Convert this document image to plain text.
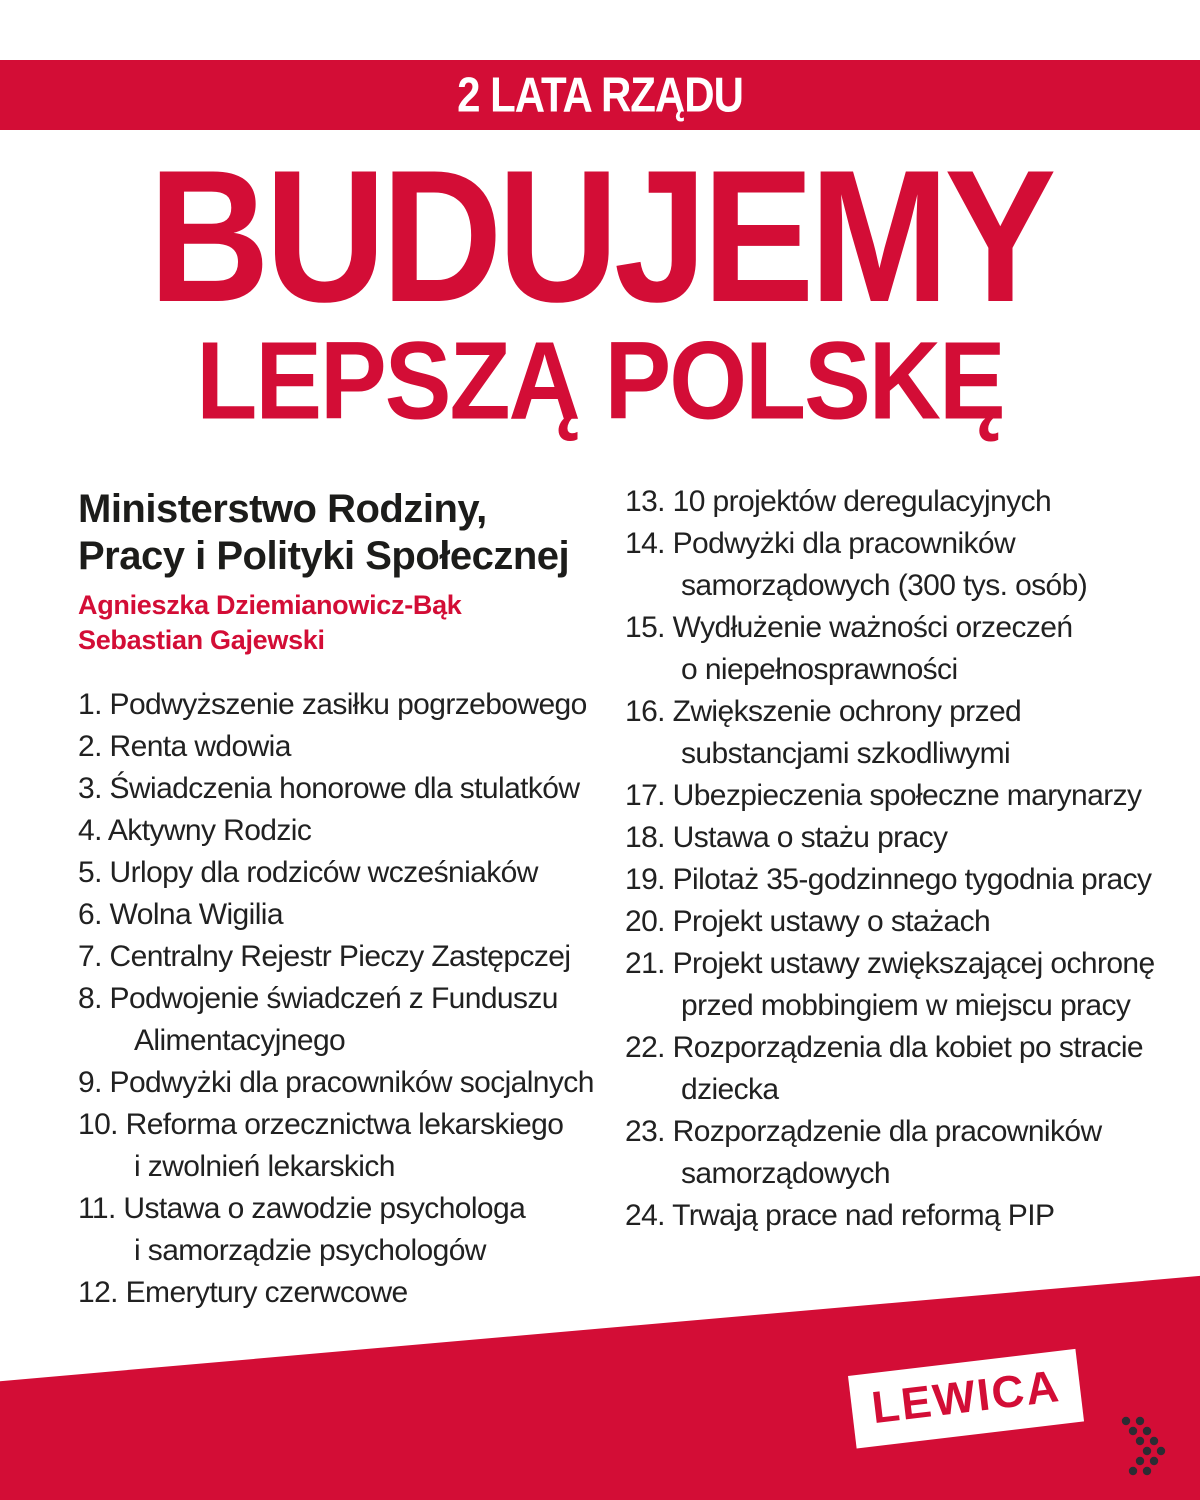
2 LATA RZĄDU
BUDUJEMY
LEPSZĄ POLSKĘ
Ministerstwo Rodziny,
Pracy i Polityki Społecznej
Agnieszka Dziemianowicz-Bąk
Sebastian Gajewski
1. Podwyższenie zasiłku pogrzebowego
2. Renta wdowia
3. Świadczenia honorowe dla stulatków
4. Aktywny Rodzic
5. Urlopy dla rodziców wcześniaków
6. Wolna Wigilia
7. Centralny Rejestr Pieczy Zastępczej
8. Podwojenie świadczeń z Funduszu
Alimentacyjnego
9. Podwyżki dla pracowników socjalnych
10. Reforma orzecznictwa lekarskiego
i zwolnień lekarskich
11. Ustawa o zawodzie psychologa
i samorządzie psychologów
12. Emerytury czerwcowe
13. 10 projektów deregulacyjnych
14. Podwyżki dla pracowników
samorządowych (300 tys. osób)
15. Wydłużenie ważności orzeczeń
o niepełnosprawności
16. Zwiększenie ochrony przed
substancjami szkodliwymi
17. Ubezpieczenia społeczne marynarzy
18. Ustawa o stażu pracy
19. Pilotaż 35-godzinnego tygodnia pracy
20. Projekt ustawy o stażach
21. Projekt ustawy zwiększającej ochronę
przed mobbingiem w miejscu pracy
22. Rozporządzenia dla kobiet po stracie
dziecka
23. Rozporządzenie dla pracowników
samorządowych
24. Trwają prace nad reformą PIP
LEWICA
